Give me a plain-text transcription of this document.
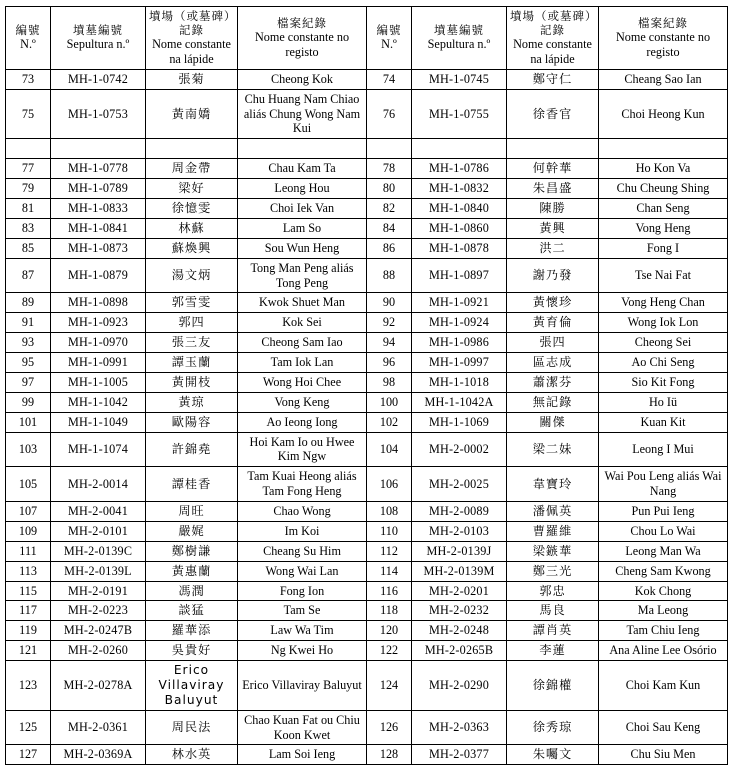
編號
N.º	墳墓編號
Sepultura n.º	墳場（或墓碑）
記錄
Nome constante
na lápide	檔案紀錄
Nome constante no
registo	編號
N.º	墳墓編號
Sepultura n.º	墳場（或墓碑）
記錄
Nome constante
na lápide	檔案紀錄
Nome constante no
registo

73	MH-1-0742	張菊	Cheong Kok	74	MH-1-0745	鄭守仁	Cheang Sao Ian
75	MH-1-0753	黃南嬌	Chu Huang Nam Chiao aliás Chung Wong Nam Kui	76	MH-1-0755	徐香官	Choi Heong Kun

77	MH-1-0778	周金帶	Chau Kam Ta	78	MH-1-0786	何幹華	Ho Kon Va
79	MH-1-0789	梁好	Leong Hou	80	MH-1-0832	朱昌盛	Chu Cheung Shing
81	MH-1-0833	徐憶雯	Choi Iek Van	82	MH-1-0840	陳勝	Chan Seng
83	MH-1-0841	林蘇	Lam So	84	MH-1-0860	黃興	Vong Heng
85	MH-1-0873	蘇煥興	Sou Wun Heng	86	MH-1-0878	洪二	Fong I
87	MH-1-0879	湯文炳	Tong Man Peng aliás Tong Peng	88	MH-1-0897	謝乃發	Tse Nai Fat
89	MH-1-0898	郭雪雯	Kwok Shuet Man	90	MH-1-0921	黃懷珍	Vong Heng Chan
91	MH-1-0923	郭四	Kok Sei	92	MH-1-0924	黃育倫	Wong Iok Lon
93	MH-1-0970	張三友	Cheong Sam Iao	94	MH-1-0986	張四	Cheong Sei
95	MH-1-0991	譚玉蘭	Tam Iok Lan	96	MH-1-0997	區志成	Ao Chi Seng
97	MH-1-1005	黃開枝	Wong Hoi Chee	98	MH-1-1018	蕭潔芬	Sio Kit Fong
99	MH-1-1042	黃琼	Vong Keng	100	MH-1-1042A	無記錄	Ho Iü
101	MH-1-1049	歐陽容	Ao Ieong Iong	102	MH-1-1069	關傑	Kuan Kit
103	MH-1-1074	許錦堯	Hoi Kam Io ou Hwee Kim Ngw	104	MH-2-0002	梁二妹	Leong I Mui
105	MH-2-0014	譚桂香	Tam Kuai Heong aliás Tam Fong Heng	106	MH-2-0025	韋寶玲	Wai Pou Leng aliás Wai Nang
107	MH-2-0041	周旺	Chao Wong	108	MH-2-0089	潘佩英	Pun Pui Ieng
109	MH-2-0101	嚴娓	Im Koi	110	MH-2-0103	曹羅維	Chou Lo Wai
111	MH-2-0139C	鄭樹謙	Cheang Su Him	112	MH-2-0139J	梁鏃華	Leong Man Wa
113	MH-2-0139L	黃惠蘭	Wong Wai Lan	114	MH-2-0139M	鄭三光	Cheng Sam Kwong
115	MH-2-0191	馮潤	Fong Ion	116	MH-2-0201	郭忠	Kok Chong
117	MH-2-0223	談猛	Tam Se	118	MH-2-0232	馬良	Ma Leong
119	MH-2-0247B	羅華添	Law Wa Tim	120	MH-2-0248	譚肖英	Tam Chiu Ieng
121	MH-2-0260	吳貴好	Ng Kwei Ho	122	MH-2-0265B	李蓮	Ana Aline Lee Osório
123	MH-2-0278A	Erico Villaviray Baluyut	Erico Villaviray Baluyut	124	MH-2-0290	徐錦權	Choi Kam Kun
125	MH-2-0361	周民法	Chao Kuan Fat ou Chiu Koon Kwet	126	MH-2-0363	徐秀琼	Choi Sau Keng
127	MH-2-0369A	林水英	Lam Soi Ieng	128	MH-2-0377	朱囑文	Chu Siu Men
